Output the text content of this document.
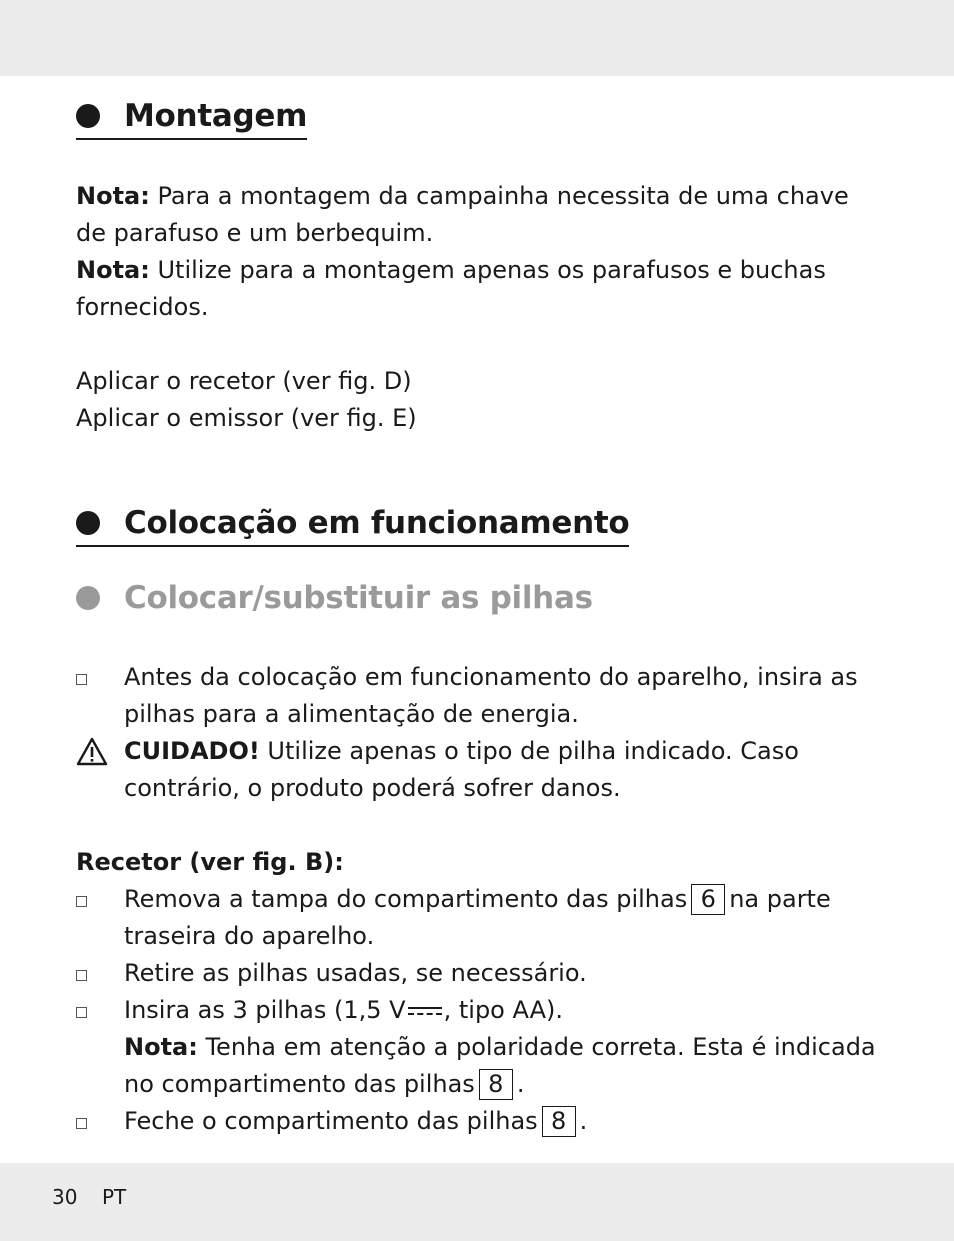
Montagem
Nota: Para a montagem da campainha necessita de uma chave de parafuso e um berbequim.
Nota: Utilize para a montagem apenas os parafusos e buchas fornecidos.
Aplicar o recetor (ver fig. D)
Aplicar o emissor (ver fig. E)
Colocação em funcionamento
Colocar/substituir as pilhas
Antes da colocação em funcionamento do aparelho, insira as pilhas para a alimentação de energia.
CUIDADO! Utilize apenas o tipo de pilha indicado. Caso contrário, o produto poderá sofrer danos.
Recetor (ver fig. B):
Remova a tampa do compartimento das pilhas 6 na parte traseira do aparelho.
Retire as pilhas usadas, se necessário.
Insira as 3 pilhas (1,5 V , tipo AA).
Nota: Tenha em atenção a polaridade correta. Esta é indicada no compartimento das pilhas 8 .
Feche o compartimento das pilhas 8 .
30 PT
